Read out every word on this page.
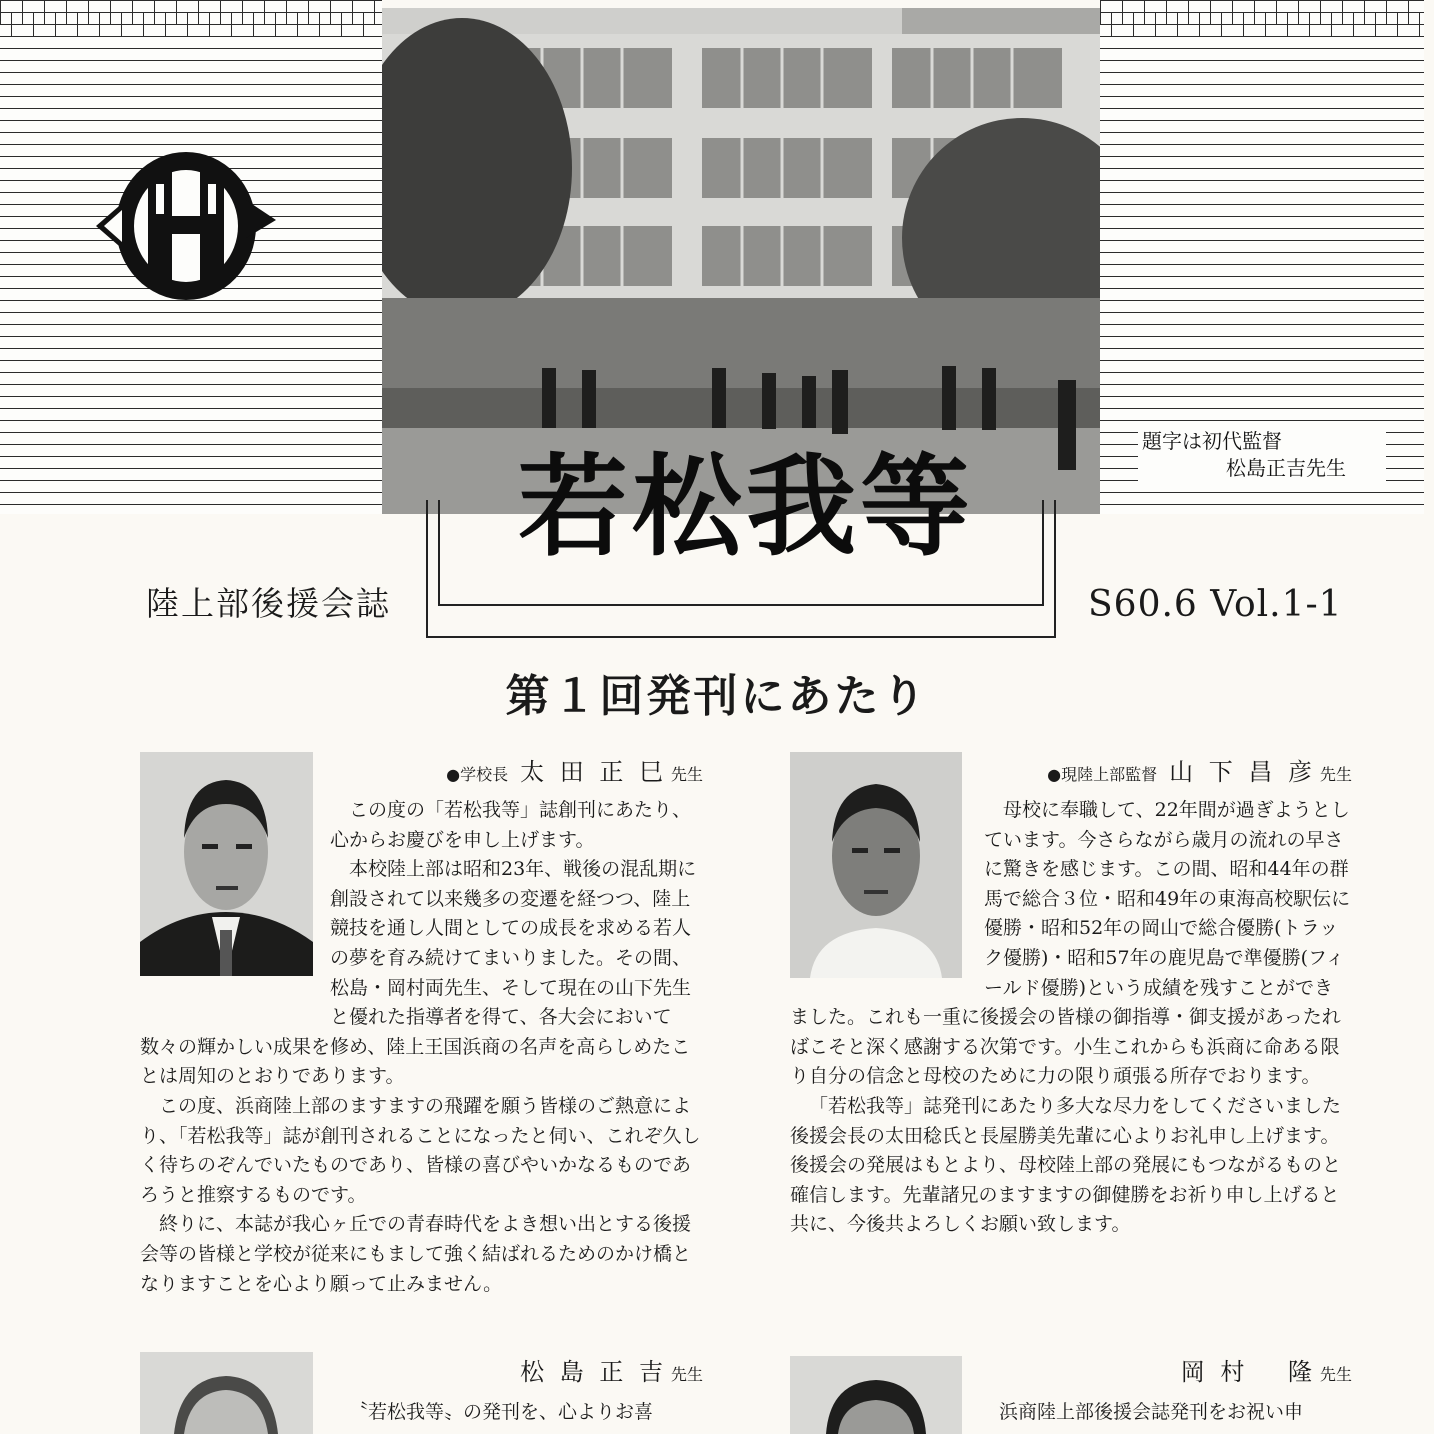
題字は初代監督
松島正吉先生
若松我等
陸上部後援会誌	S60.6 Vol.1-1
第１回発刊にあたり
●学校長 太 田 正 巳 先生

この度の「若松我等」誌創刊にあたり、心からお慶びを申し上げます。

本校陸上部は昭和23年、戦後の混乱期に創設されて以来幾多の変遷を経つつ、陸上競技を通し人間としての成長を求める若人の夢を育み続けてまいりました。その間、松島・岡村両先生、そして現在の山下先生と優れた指導者を得て、各大会において数々の輝かしい成果を修め、陸上王国浜商の名声を高らしめたことは周知のとおりであります。

この度、浜商陸上部のますますの飛躍を願う皆様のご熱意により、「若松我等」誌が創刊されることになったと伺い、これぞ久しく待ちのぞんでいたものであり、皆様の喜びやいかなるものであろうと推察するものです。

終りに、本誌が我心ヶ丘での青春時代をよき想い出とする後援会等の皆様と学校が従来にもまして強く結ばれるためのかけ橋となりますことを心より願って止みません。

●現陸上部監督 山 下 昌 彦 先生

母校に奉職して、22年間が過ぎようとしています。今さらながら歳月の流れの早さに驚きを感じます。この間、昭和44年の群馬で総合３位・昭和49年の東海高校駅伝に優勝・昭和52年の岡山で総合優勝(トラック優勝)・昭和57年の鹿児島で準優勝(フィールド優勝)という成績を残すことができました。これも一重に後援会の皆様の御指導・御支援があったればこそと深く感謝する次第です。小生これからも浜商に命ある限り自分の信念と母校のために力の限り頑張る所存でおります。

「若松我等」誌発刊にあたり多大な尽力をしてくださいました後援会長の太田稔氏と長屋勝美先輩に心よりお礼申し上げます。後援会の発展はもとより、母校陸上部の発展にもつながるものと確信します。先輩諸兄のますますの御健勝をお祈り申し上げると共に、今後共よろしくお願い致します。

松 島 正 吉 先生

〝若松我等〟の発刊を、心よりお喜

岡 村　 隆 先生

浜商陸上部後援会誌発刊をお祝い申
